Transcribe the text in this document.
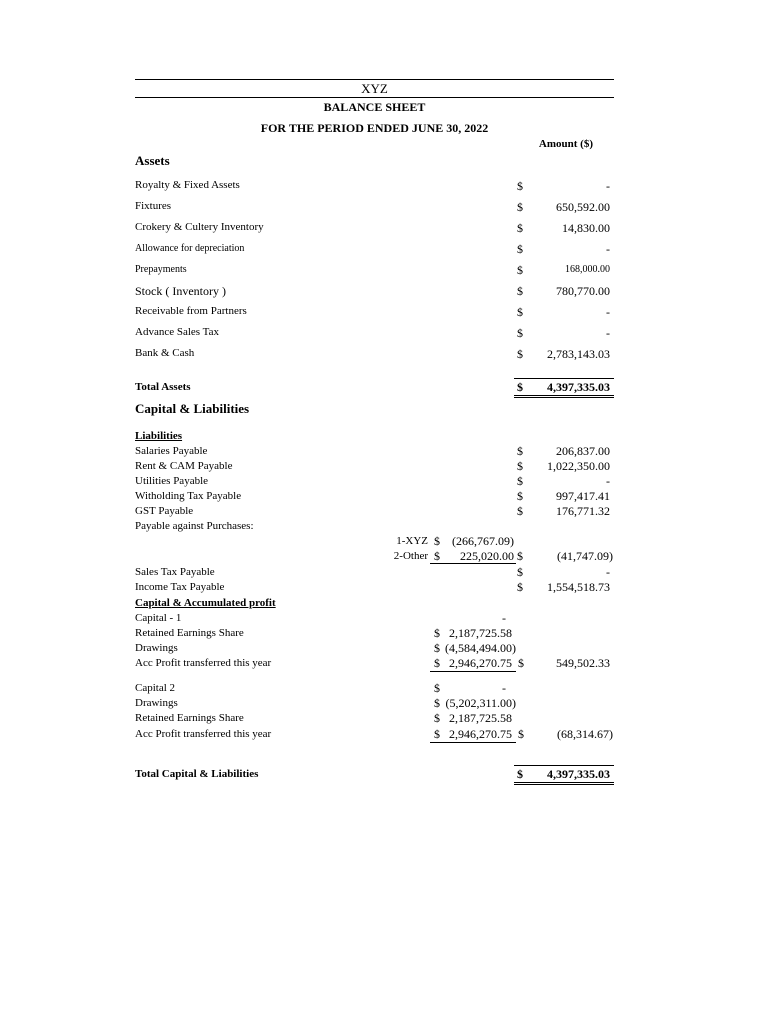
XYZ
BALANCE SHEET
FOR THE PERIOD ENDED JUNE 30, 2022
Amount ($)
Assets
Royalty & Fixed Assets	$	-
Fixtures	$	650,592.00
Crokery & Cultery Inventory	$	14,830.00
Allowance for depreciation	$	-
Prepayments	$	168,000.00
Stock ( Inventory )	$	780,770.00
Receivable from Partners	$	-
Advance Sales Tax	$	-
Bank & Cash	$	2,783,143.03
Total Assets	$	4,397,335.03
Capital & Liabilities
Liabilities
Salaries Payable	$	206,837.00
Rent & CAM Payable	$	1,022,350.00
Utilities Payable	$	-
Witholding Tax Payable	$	997,417.41
GST Payable	$	176,771.32
Payable against Purchases:
1-XYZ $	(266,767.09)
2-Other $	225,020.00 $	(41,747.09)
Sales Tax Payable	$	-
Income Tax Payable	$	1,554,518.73
Capital & Accumulated profit
Capital - 1	-
Retained Earnings Share	$ 2,187,725.58
Drawings	$ (4,584,494.00)
Acc Profit transferred this year	$ 2,946,270.75 $	549,502.33
Capital 2	$	-
Drawings	$ (5,202,311.00)
Retained Earnings Share	$ 2,187,725.58
Acc Profit transferred this year	$ 2,946,270.75 $	(68,314.67)
Total Capital & Liabilities	$	4,397,335.03
